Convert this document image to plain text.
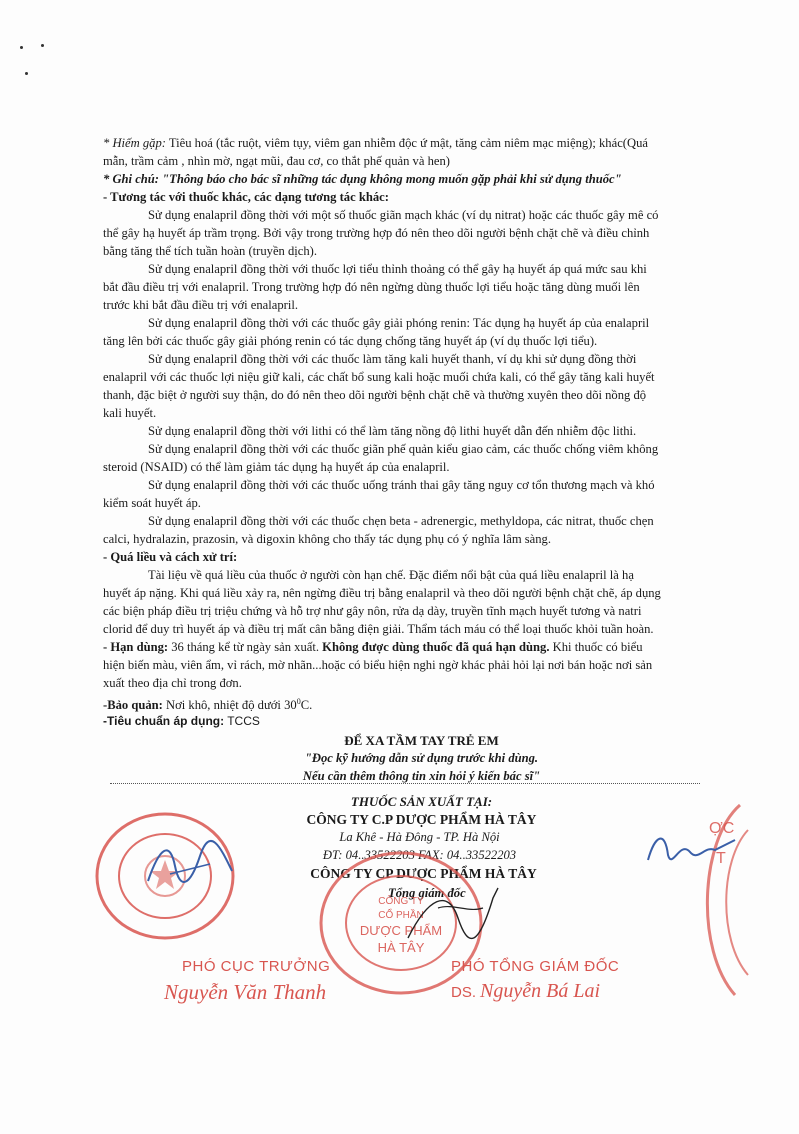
* Hiếm gặp: Tiêu hoá (tắc ruột, viêm tụy, viêm gan nhiễm độc ứ mật, tăng cảm niêm mạc miệng); khác(Quá
mẫn, trầm cảm , nhìn mờ, ngạt mũi, đau cơ, co thắt phế quản và hen)
* Ghi chú: "Thông báo cho bác sĩ những tác dụng không mong muốn gặp phải khi sử dụng thuốc"
- Tương tác với thuốc khác, các dạng tương tác khác:
Sử dụng enalapril đồng thời với một số thuốc giãn mạch khác (ví dụ nitrat) hoặc các thuốc gây mê có
thể gây hạ huyết áp trầm trọng. Bởi vậy trong trường hợp đó nên theo dõi người bệnh chặt chẽ và điều chỉnh
bằng tăng thể tích tuần hoàn (truyền dịch).
Sử dụng enalapril đồng thời với thuốc lợi tiểu thỉnh thoảng có thể gây hạ huyết áp quá mức sau khi
bắt đầu điều trị với enalapril. Trong trường hợp đó nên ngừng dùng thuốc lợi tiểu hoặc tăng dùng muối lên
trước khi bắt đầu điều trị với enalapril.
Sử dụng enalapril đồng thời với các thuốc gây giải phóng renin: Tác dụng hạ huyết áp của enalapril
tăng lên bởi các thuốc gây giải phóng renin có tác dụng chống tăng huyết áp (ví dụ thuốc lợi tiểu).
Sử dụng enalapril đồng thời với các thuốc làm tăng kali huyết thanh, ví dụ khi sử dụng đồng thời
enalapril với các thuốc lợi niệu giữ kali, các chất bổ sung kali hoặc muối chứa kali, có thể gây tăng kali huyết
thanh, đặc biệt ở người suy thận, do đó nên theo dõi người bệnh chặt chẽ và thường xuyên theo dõi nồng độ
kali huyết.
Sử dụng enalapril đồng thời với lithi có thể làm tăng nồng độ lithi huyết dẫn đến nhiễm độc lithi.
Sử dụng enalapril đồng thời với các thuốc giãn phế quản kiểu giao cảm, các thuốc chống viêm không
steroid (NSAID) có thể làm giảm tác dụng hạ huyết áp của enalapril.
Sử dụng enalapril đồng thời với các thuốc uống tránh thai gây tăng nguy cơ tổn thương mạch và khó
kiểm soát huyết áp.
Sử dụng enalapril đồng thời với các thuốc chẹn beta - adrenergic, methyldopa, các nitrat, thuốc chẹn
calci, hydralazin, prazosin, và digoxin không cho thấy tác dụng phụ có ý nghĩa lâm sàng.
- Quá liều và cách xử trí:
Tài liệu về quá liều của thuốc ở người còn hạn chế. Đặc điểm nổi bật của quá liều enalapril là hạ
huyết áp nặng. Khi quá liều xảy ra, nên ngừng điều trị bằng enalapril và theo dõi người bệnh chặt chẽ, áp dụng
các biện pháp điều trị triệu chứng và hỗ trợ như gây nôn, rửa dạ dày, truyền tĩnh mạch huyết tương và natri
clorid để duy trì huyết áp và điều trị mất cân bằng điện giải. Thẩm tách máu có thể loại thuốc khỏi tuần hoàn.
- Hạn dùng: 36 tháng kể từ ngày sản xuất. Không được dùng thuốc đã quá hạn dùng. Khi thuốc có biểu
hiện biến màu, viên ẩm, vỉ rách, mờ nhãn...hoặc có biểu hiện nghi ngờ khác phải hỏi lại nơi bán hoặc nơi sản
xuất theo địa chỉ trong đơn.
-Bảo quản: Nơi khô, nhiệt độ dưới $30^0C$.
-Tiêu chuẩn áp dụng: TCCS
ĐỂ XA TẦM TAY TRẺ EM
"Đọc kỹ hướng dẫn sử dụng trước khi dùng.
Nếu cần thêm thông tin xin hỏi ý kiến bác sĩ"
THUỐC SẢN XUẤT TẠI:
CÔNG TY C.P DƯỢC PHẨM HÀ TÂY
La Khê - Hà Đông - TP. Hà Nội
ĐT: 04..33522203 FAX: 04..33522203
CÔNG TY CP DƯỢC PHẨM HÀ TÂY
Tổng giám đốc
CÔNG TY
CỔ PHẦN
DƯỢC PHẨM
HÀ TÂY
ỢC
T
PHÓ CỤC TRƯỞNG
Nguyễn Văn Thanh
PHÓ TỔNG GIÁM ĐỐC
DS. Nguyễn Bá Lai
